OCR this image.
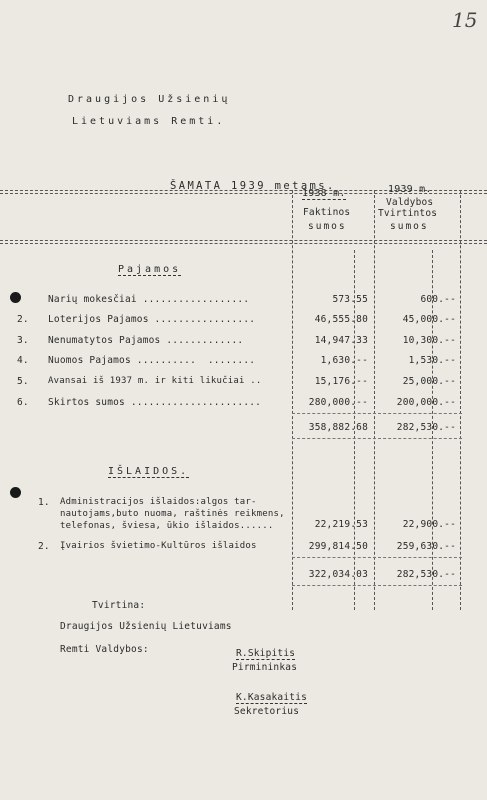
15
Draugijos Užsienių
Lietuviams Remti.
ŠAMATA 1939 metams.
1938 m.
Faktinos
sumos
1939 m.
Valdybos
Tvirtintos
sumos
Pajamos
Narių mokesčiai ..................	573.55	600.--
2. Loterijos Pajamos .................	46,555.80	45,000.--
3. Nenumatytos Pajamos .............	14,947.33	10,300.--
4. Nuomos Pajamos ..........  ........	1,630.--	1,530.--
5. Avansai iš 1937 m. ir kiti likučiai ..	15,176.--	25,000.--
6. Skirtos sumos ......................	280,000.--	200,000.--
358,882.68	282,530.--
IŠLAIDOS.
1. Administracijos išlaidos:algos tar-
nautojams,buto nuoma, raštinės reikmens,
telefonas, šviesa, ūkio išlaidos......	22,219.53	22,900.--
2. Įvairios švietimo-Kultūros išlaidos	299,814.50	259,630.--
322,034.03	282,530.--
Tvirtina:
Draugijos Užsienių Lietuviams
Remti Valdybos:	R.Skipitis
Pirmininkas
K.Kasakaitis
Sekretorius
